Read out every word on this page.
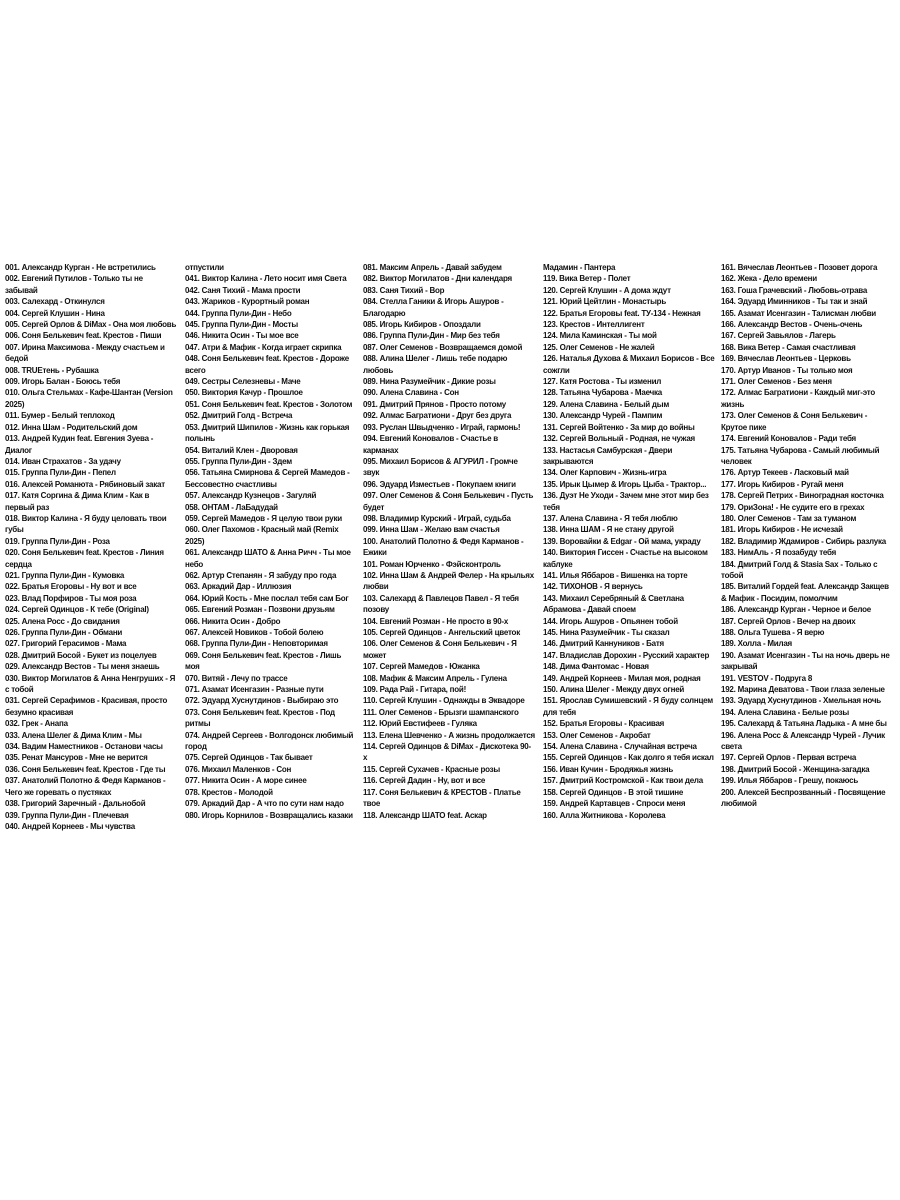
001. Александр Курган - Не встретились

002. Евгений Путилов - Только ты не забывай

003. Салехард - Откинулся

004. Сергей Клушин - Нина

005. Сергей Орлов & DiMax - Она моя любовь

006. Соня Белькевич feat. Крестов - Пиши

007. Ирина Максимова - Между счастьем и бедой

008. TRUEтень - Рубашка

009. Игорь Балан - Боюсь тебя

010. Ольга Стельмах - Кафе-Шантан (Version 2025)

011. Бумер - Белый теплоход

012. Инна Шам - Родительский дом

013. Андрей Кудин feat. Евгения Зуева - Диалог

014. Иван Страхатов - За удачу

015. Группа Пули-Дин - Пепел

016. Алексей Романюта - Рябиновый закат

017. Катя Соргина & Дима Клим - Как в первый раз

018. Виктор Калина - Я буду целовать твои губы

019. Группа Пули-Дин - Роза

020. Соня Белькевич feat. Крестов - Линия сердца

021. Группа Пули-Дин - Кумовка

022. Братья Егоровы - Ну вот и все

023. Влад Порфиров - Ты моя роза

024. Сергей Одинцов - К тебе (Original)

025. Алена Росс - До свидания

026. Группа Пули-Дин - Обмани

027. Григорий Герасимов - Мама

028. Дмитрий Босой - Букет из поцелуев

029. Александр Вестов - Ты меня знаешь

030. Виктор Могилатов & Анна Ненгруших - Я с тобой

031. Сергей Серафимов - Красивая, просто безумно красивая

032. Грек - Анапа

033. Алена Шелег & Дима Клим - Мы

034. Вадим Наместников - Останови часы

035. Ренат Мансуров - Мне не верится

036. Соня Белькевич feat. Крестов - Где ты

037. Анатолий Полотно & Федя Карманов - Чего же горевать о пустяках

038. Григорий Заречный - Дальнобой

039. Группа Пули-Дин - Плечевая

040. Андрей Корнеев - Мы чувства

отпустили

041. Виктор Калина - Лето носит имя Света

042. Саня Тихий - Мама прости

043. Жариков - Курортный роман

044. Группа Пули-Дин - Небо

045. Группа Пули-Дин - Мосты

046. Никита Осин - Ты мое все

047. Атри & Мафик - Когда играет скрипка

048. Соня Белькевич feat. Крестов - Дороже всего

049. Сестры Селезневы - Маче

050. Виктория Качур - Прошлое

051. Соня Белькевич feat. Крестов - Золотом

052. Дмитрий Голд - Встреча

053. Дмитрий Шипилов - Жизнь как горькая полынь

054. Виталий Клен - Дворовая

055. Группа Пули-Дин - Здем

056. Татьяна Смирнова & Сергей Мамедов - Бессовестно счастливы

057. Александр Кузнецов - Загуляй

058. ОНТАМ - ЛаБадудай

059. Сергей Мамедов - Я целую твои руки

060. Олег Пахомов - Красный май (Remix 2025)

061. Александр ШАТО & Анна Ричч - Ты мое небо

062. Артур Степанян - Я забуду про года

063. Аркадий Дар - Иллюзия

064. Юрий Кость - Мне послал тебя сам Бог

065. Евгений Розман - Позвони друзьям

066. Никита Осин - Добро

067. Алексей Новиков - Тобой болею

068. Группа Пули-Дин - Неповторимая

069. Соня Белькевич feat. Крестов - Лишь моя

070. Витяй - Лечу по трассе

071. Азамат Исенгазин - Разные пути

072. Эдуард Хуснутдинов - Выбираю это

073. Соня Белькевич feat. Крестов - Под ритмы

074. Андрей Сергеев - Волгодонск любимый город

075. Сергей Одинцов - Так бывает

076. Михаил Маленков - Сон

077. Никита Осин - А море синее

078. Крестов - Молодой

079. Аркадий Дар - А что по сути нам надо

080. Игорь Корнилов - Возвращались казаки

081. Максим Апрель - Давай забудем

082. Виктор Могилатов - Дни календаря

083. Саня Тихий - Вор

084. Стелла Ганики & Игорь Ашуров - Благодарю

085. Игорь Кибиров - Опоздали

086. Группа Пули-Дин - Мир без тебя

087. Олег Семенов - Возвращаемся домой

088. Алина Шелег - Лишь тебе подарю любовь

089. Нина Разумейчик - Дикие розы

090. Алена Славина - Сон

091. Дмитрий Прянов - Просто потому

092. Алмас Багратиони - Друг без друга

093. Руслан Швыдченко - Играй, гармонь!

094. Евгений Коновалов - Счастье в карманах

095. Михаил Борисов & АГУРИЛ - Громче звук

096. Эдуард Изместьев - Покупаем книги

097. Олег Семенов & Соня Белькевич - Пусть будет

098. Владимир Курский - Играй, судьба

099. Инна Шам - Желаю вам счастья

100. Анатолий Полотно & Федя Карманов - Ежики

101. Роман Юрченко - Фэйсконтроль

102. Инна Шам & Андрей Фелер - На крыльях любви

103. Салехард & Павлецов Павел - Я тебя позову

104. Евгений Розман - Не просто в 90-х

105. Сергей Одинцов - Ангельский цветок

106. Олег Семенов & Соня Белькевич - Я может

107. Сергей Мамедов - Южанка

108. Мафик & Максим Апрель - Гулена

109. Рада Рай - Гитара, пой!

110. Сергей Клушин - Однажды в Эквадоре

111. Олег Семенов - Брызги шампанского

112. Юрий Евстифеев - Гуляка

113. Елена Шевченко - А жизнь продолжается

114. Сергей Одинцов & DiMax - Дискотека 90-х

115. Сергей Сухачев - Красные розы

116. Сергей Дадин - Ну, вот и все

117. Соня Белькевич & КРЕСТОВ - Платье твое

118. Александр ШАТО feat. Аскар

Мадамин - Пантера

119. Вика Ветер - Полет

120. Сергей Клушин - А дома ждут

121. Юрий Цейтлин - Монастырь

122. Братья Егоровы feat. ТУ-134 - Нежная

123. Крестов - Интеллигент

124. Мила Каминская - Ты мой

125. Олег Семенов - Не жалей

126. Наталья Духова & Михаил Борисов - Все сожгли

127. Катя Ростова - Ты изменил

128. Татьяна Чубарова - Маечка

129. Алена Славина - Белый дым

130. Александр Чурей - Пампим

131. Сергей Войтенко - За мир до войны

132. Сергей Вольный - Родная, не чужая

133. Настасья Самбурская - Двери закрываются

134. Олег Карпович - Жизнь-игра

135. Ирык Цымер & Игорь Цыба - Трактор...

136. Дуэт Не Уходи - Зачем мне этот мир без тебя

137. Алена Славина - Я тебя люблю

138. Инна ШАМ - Я не стану другой

139. Воровайки & Edgar - Ой мама, украду

140. Виктория Гиссен - Счастье на высоком каблуке

141. Илья Яббаров - Вишенка на торте

142. ТИХОНОВ - Я вернусь

143. Михаил Серебряный & Светлана Абрамова - Давай споем

144. Игорь Ашуров - Опьянен тобой

145. Нина Разумейчик - Ты сказал

146. Дмитрий Каннуников - Батя

147. Владислав Дорохин - Русский характер

148. Дима Фантомас - Новая

149. Андрей Корнеев - Милая моя, родная

150. Алина Шелег - Между двух огней

151. Ярослав Сумишевский - Я буду солнцем для тебя

152. Братья Егоровы - Красивая

153. Олег Семенов - Акробат

154. Алена Славина - Случайная встреча

155. Сергей Одинцов - Как долго я тебя искал

156. Иван Кучин - Бродяжья жизнь

157. Дмитрий Костромской - Как твои дела

158. Сергей Одинцов - В этой тишине

159. Андрей Картавцев - Спроси меня

160. Алла Житникова - Королева

161. Вячеслав Леонтьев - Позовет дорога

162. Жека - Дело времени

163. Гоша Грачевский - Любовь-отрава

164. Эдуард Иминников - Ты так и знай

165. Азамат Исенгазин - Талисман любви

166. Александр Вестов - Очень-очень

167. Сергей Завьялов - Лагерь

168. Вика Ветер - Самая счастливая

169. Вячеслав Леонтьев - Церковь

170. Артур Иванов - Ты только моя

171. Олег Семенов - Без меня

172. Алмас Багратиони - Каждый миг-это жизнь

173. Олег Семенов & Соня Белькевич - Крутое пике

174. Евгений Коновалов - Ради тебя

175. Татьяна Чубарова - Самый любимый человек

176. Артур Текеев - Ласковый май

177. Игорь Кибиров - Ругай меня

178. Сергей Петрих - Виноградная косточка

179. ОриЗона! - Не судите его в грехах

180. Олег Семенов - Там за туманом

181. Игорь Кибиров - Не исчезай

182. Владимир Ждамиров - Сибирь разлука

183. НимАль - Я позабуду тебя

184. Дмитрий Голд & Stasia Sax - Только с тобой

185. Виталий Гордей feat. Александр Закщев & Мафик - Посидим, помолчим

186. Александр Курган - Черное и белое

187. Сергей Орлов - Вечер на двоих

188. Ольга Тушева - Я верю

189. Холла - Милая

190. Азамат Исенгазин - Ты на ночь дверь не закрывай

191. VESTOV - Подруга 8

192. Марина Деватова - Твои глаза зеленые

193. Эдуард Хуснутдинов - Хмельная ночь

194. Алена Славина - Белые розы

195. Салехард & Татьяна Ладыка - А мне бы

196. Алена Росс & Александр Чурей - Лучик света

197. Сергей Орлов - Первая встреча

198. Дмитрий Босой - Женщина-загадка

199. Илья Яббаров - Грешу, покаюсь

200. Алексей Беспрозванный - Посвящение любимой
